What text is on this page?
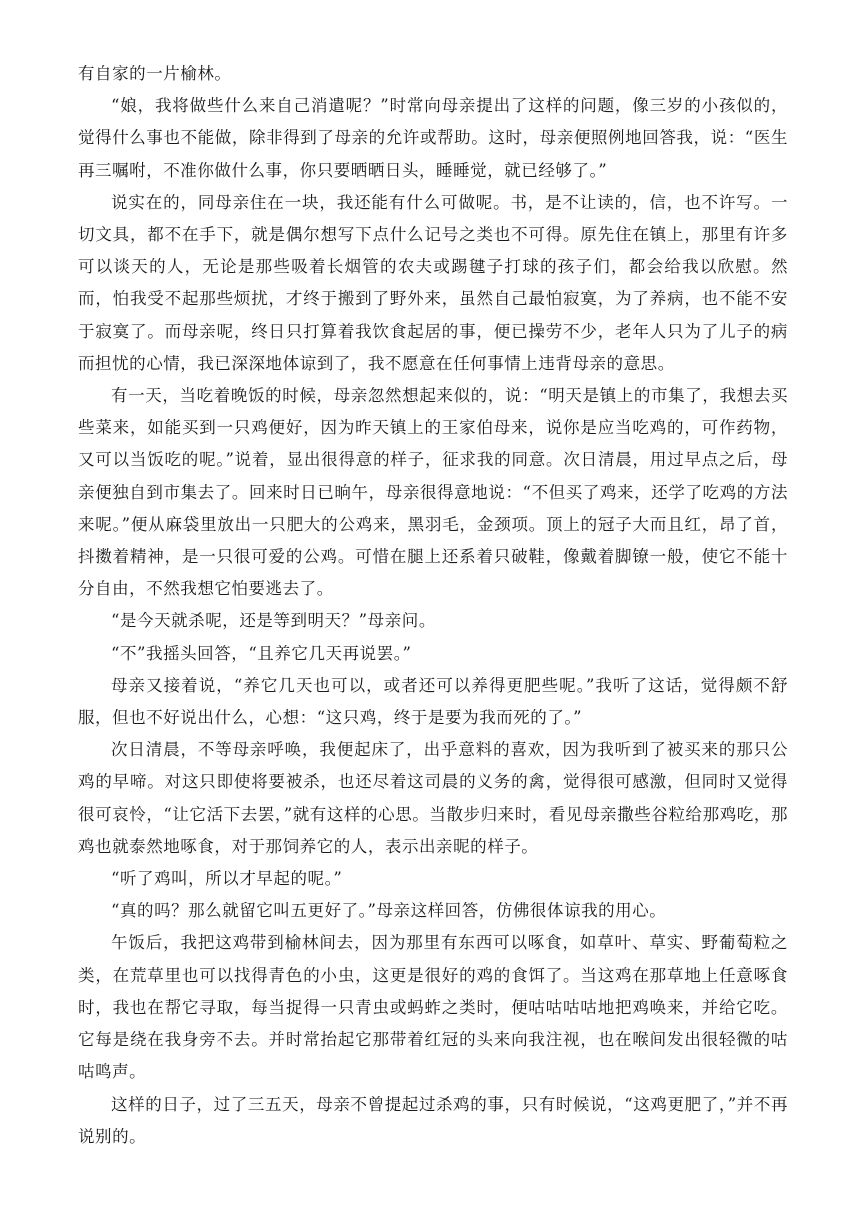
有自家的一片榆林。

“娘，我将做些什么来自己消遣呢？”时常向母亲提出了这样的问题，像三岁的小孩似的，觉得什么事也不能做，除非得到了母亲的允许或帮助。这时，母亲便照例地回答我，说：“医生再三嘱咐，不准你做什么事，你只要晒晒日头，睡睡觉，就已经够了。”

说实在的，同母亲住在一块，我还能有什么可做呢。书，是不让读的，信，也不许写。一切文具，都不在手下，就是偶尔想写下点什么记号之类也不可得。原先住在镇上，那里有许多可以谈天的人，无论是那些吸着长烟管的农夫或踢毽子打球的孩子们，都会给我以欣慰。然而，怕我受不起那些烦扰，才终于搬到了野外来，虽然自己最怕寂寞，为了养病，也不能不安于寂寞了。而母亲呢，终日只打算着我饮食起居的事，便已操劳不少，老年人只为了儿子的病而担忧的心情，我已深深地体谅到了，我不愿意在任何事情上违背母亲的意思。

有一天，当吃着晚饭的时候，母亲忽然想起来似的，说：“明天是镇上的市集了，我想去买些菜来，如能买到一只鸡便好，因为昨天镇上的王家伯母来，说你是应当吃鸡的，可作药物，又可以当饭吃的呢。”说着，显出很得意的样子，征求我的同意。次日清晨，用过早点之后，母亲便独自到市集去了。回来时日已晌午，母亲很得意地说：“不但买了鸡来，还学了吃鸡的方法来呢。”便从麻袋里放出一只肥大的公鸡来，黑羽毛，金颈项。顶上的冠子大而且红，昂了首，抖擞着精神，是一只很可爱的公鸡。可惜在腿上还系着只破鞋，像戴着脚镣一般，使它不能十分自由，不然我想它怕要逃去了。

“是今天就杀呢，还是等到明天？”母亲问。

“不”我摇头回答，“且养它几天再说罢。”

母亲又接着说，“养它几天也可以，或者还可以养得更肥些呢。”我听了这话，觉得颇不舒服，但也不好说出什么，心想：“这只鸡，终于是要为我而死的了。”

次日清晨，不等母亲呼唤，我便起床了，出乎意料的喜欢，因为我听到了被买来的那只公鸡的早啼。对这只即使将要被杀，也还尽着这司晨的义务的禽，觉得很可感激，但同时又觉得很可哀怜，“让它活下去罢，”就有这样的心思。当散步归来时，看见母亲撒些谷粒给那鸡吃，那鸡也就泰然地啄食，对于那饲养它的人，表示出亲昵的样子。

“听了鸡叫，所以才早起的呢。”

“真的吗？那么就留它叫五更好了。”母亲这样回答，仿佛很体谅我的用心。

午饭后，我把这鸡带到榆林间去，因为那里有东西可以啄食，如草叶、草实、野葡萄粒之类，在荒草里也可以找得青色的小虫，这更是很好的鸡的食饵了。当这鸡在那草地上任意啄食时，我也在帮它寻取，每当捉得一只青虫或蚂蚱之类时，便咕咕咕咕地把鸡唤来，并给它吃。它每是绕在我身旁不去。并时常抬起它那带着红冠的头来向我注视，也在喉间发出很轻微的咕咕鸣声。

这样的日子，过了三五天，母亲不曾提起过杀鸡的事，只有时候说，“这鸡更肥了，”并不再说别的。
